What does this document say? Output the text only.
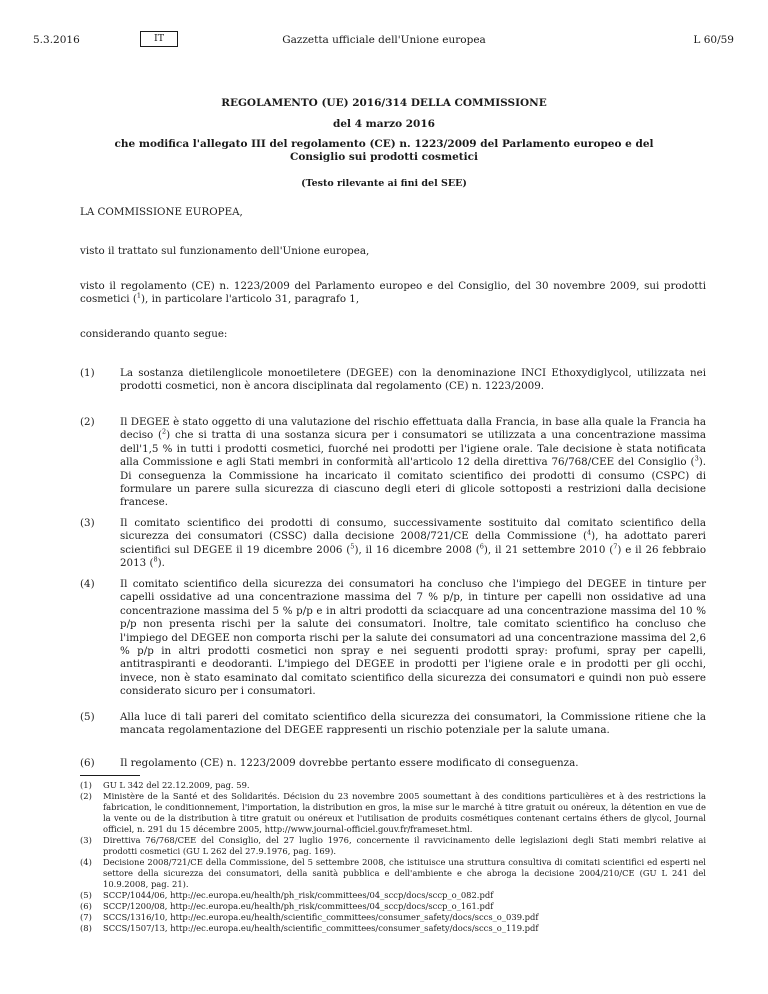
5.3.2016	IT	Gazzetta ufficiale dell'Unione europea	L 60/59
REGOLAMENTO (UE) 2016/314 DELLA COMMISSIONE
del 4 marzo 2016
che modifica l'allegato III del regolamento (CE) n. 1223/2009 del Parlamento europeo e del Consiglio sui prodotti cosmetici
(Testo rilevante ai fini del SEE)
LA COMMISSIONE EUROPEA,
visto il trattato sul funzionamento dell'Unione europea,
visto il regolamento (CE) n. 1223/2009 del Parlamento europeo e del Consiglio, del 30 novembre 2009, sui prodotti cosmetici ($^1$), in particolare l'articolo 31, paragrafo 1,
considerando quanto segue:
(1)	La sostanza dietilenglicole monoetiletere (DEGEE) con la denominazione INCI Ethoxydiglycol, utilizzata nei prodotti cosmetici, non è ancora disciplinata dal regolamento (CE) n. 1223/2009.
(2)	Il DEGEE è stato oggetto di una valutazione del rischio effettuata dalla Francia, in base alla quale la Francia ha deciso ($^2$) che si tratta di una sostanza sicura per i consumatori se utilizzata a una concentrazione massima dell'1,5 % in tutti i prodotti cosmetici, fuorché nei prodotti per l'igiene orale. Tale decisione è stata notificata alla Commissione e agli Stati membri in conformità all'articolo 12 della direttiva 76/768/CEE del Consiglio ($^3$). Di conseguenza la Commissione ha incaricato il comitato scientifico dei prodotti di consumo (CSPC) di formulare un parere sulla sicurezza di ciascuno degli eteri di glicole sottoposti a restrizioni dalla decisione francese.
(3)	Il comitato scientifico dei prodotti di consumo, successivamente sostituito dal comitato scientifico della sicurezza dei consumatori (CSSC) dalla decisione 2008/721/CE della Commissione ($^4$), ha adottato pareri scientifici sul DEGEE il 19 dicembre 2006 ($^5$), il 16 dicembre 2008 ($^6$), il 21 settembre 2010 ($^7$) e il 26 febbraio 2013 ($^8$).
(4)	Il comitato scientifico della sicurezza dei consumatori ha concluso che l'impiego del DEGEE in tinture per capelli ossidative ad una concentrazione massima del 7 % p/p, in tinture per capelli non ossidative ad una concentrazione massima del 5 % p/p e in altri prodotti da sciacquare ad una concentrazione massima del 10 % p/p non presenta rischi per la salute dei consumatori. Inoltre, tale comitato scientifico ha concluso che l'impiego del DEGEE non comporta rischi per la salute dei consumatori ad una concentrazione massima del 2,6 % p/p in altri prodotti cosmetici non spray e nei seguenti prodotti spray: profumi, spray per capelli, antitraspiranti e deodoranti. L'impiego del DEGEE in prodotti per l'igiene orale e in prodotti per gli occhi, invece, non è stato esaminato dal comitato scientifico della sicurezza dei consumatori e quindi non può essere considerato sicuro per i consumatori.
(5)	Alla luce di tali pareri del comitato scientifico della sicurezza dei consumatori, la Commissione ritiene che la mancata regolamentazione del DEGEE rappresenti un rischio potenziale per la salute umana.
(6)	Il regolamento (CE) n. 1223/2009 dovrebbe pertanto essere modificato di conseguenza.
(1) GU L 342 del 22.12.2009, pag. 59.
(2) Ministère de la Santé et des Solidarités. Décision du 23 novembre 2005 soumettant à des conditions particulières et à des restrictions la fabrication, le conditionnement, l'importation, la distribution en gros, la mise sur le marché à titre gratuit ou onéreux, la détention en vue de la vente ou de la distribution à titre gratuit ou onéreux et l'utilisation de produits cosmétiques contenant certains éthers de glycol, Journal officiel, n. 291 du 15 décembre 2005, http://www.journal-officiel.gouv.fr/frameset.html.
(3) Direttiva 76/768/CEE del Consiglio, del 27 luglio 1976, concernente il ravvicinamento delle legislazioni degli Stati membri relative ai prodotti cosmetici (GU L 262 del 27.9.1976, pag. 169).
(4) Decisione 2008/721/CE della Commissione, del 5 settembre 2008, che istituisce una struttura consultiva di comitati scientifici ed esperti nel settore della sicurezza dei consumatori, della sanità pubblica e dell'ambiente e che abroga la decisione 2004/210/CE (GU L 241 del 10.9.2008, pag. 21).
(5) SCCP/1044/06, http://ec.europa.eu/health/ph_risk/committees/04_sccp/docs/sccp_o_082.pdf
(6) SCCP/1200/08, http://ec.europa.eu/health/ph_risk/committees/04_sccp/docs/sccp_o_161.pdf
(7) SCCS/1316/10, http://ec.europa.eu/health/scientific_committees/consumer_safety/docs/sccs_o_039.pdf
(8) SCCS/1507/13, http://ec.europa.eu/health/scientific_committees/consumer_safety/docs/sccs_o_119.pdf
